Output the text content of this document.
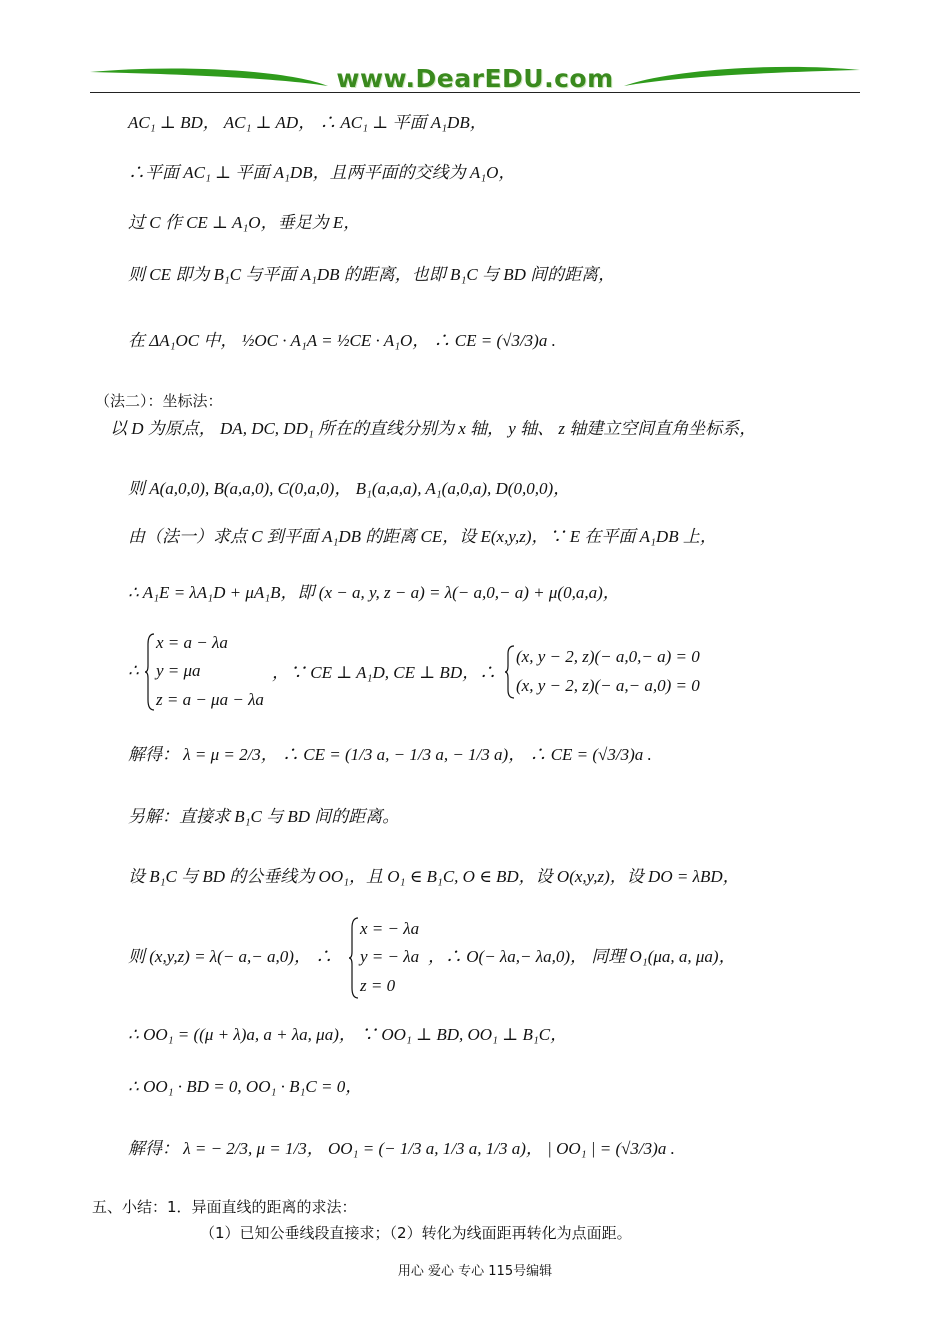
www.DearEDU.com
AC₁ ⊥ BD， AC₁ ⊥ AD， ∴ AC₁ ⊥ 平面 A₁DB，
∴平面 AC₁ ⊥ 平面 A₁DB，且两平面的交线为 A₁O，
过 C 作 CE ⊥ A₁O，垂足为 E，
则 CE 即为 B₁C 与平面 A₁DB 的距离，也即 B₁C 与 BD 间的距离，
在 ΔA₁OC 中， ½OC · A₁A = ½CE · A₁O， ∴ CE = (√3/3)a .
（法二）：坐标法：
以 D 为原点， DA, DC, DD₁ 所在的直线分别为 x 轴， y 轴、 z 轴建立空间直角坐标系，
则 A(a,0,0), B(a,a,0), C(0,a,0)， B₁(a,a,a), A₁(a,0,a), D(0,0,0)，
由（法一）求点 C 到平面 A₁DB 的距离 CE，设 E(x,y,z)，∵ E 在平面 A₁DB 上，
∴ A₁E = λA₁D + μA₁B，即 (x − a, y, z − a) = λ(− a,0,− a) + μ(0,a,a)，
∴
x = a − λa
y = μa
z = a − μa − λa
，∵ CE ⊥ A₁D, CE ⊥ BD，∴
(x, y − 2, z)(− a,0,− a) = 0
(x, y − 2, z)(− a,− a,0) = 0
解得： λ = μ = 2/3， ∴ CE = (1/3 a, − 1/3 a, − 1/3 a)， ∴ CE = (√3/3)a .
另解：直接求 B₁C 与 BD 间的距离。
设 B₁C 与 BD 的公垂线为 OO₁，且 O₁ ∈ B₁C, O ∈ BD，设 O(x,y,z)，设 DO = λBD，
则 (x,y,z) = λ(− a,− a,0)， ∴
x = − λa
y = − λa
z = 0
，∴ O(− λa,− λa,0)， 同理 O₁(μa, a, μa)，
∴ OO₁ = ((μ + λ)a, a + λa, μa)， ∵ OO₁ ⊥ BD, OO₁ ⊥ B₁C，
∴ OO₁ · BD = 0, OO₁ · B₁C = 0，
解得： λ = − 2/3, μ = 1/3， OO₁ = (− 1/3 a, 1/3 a, 1/3 a)， | OO₁ | = (√3/3)a .
五、小结：1．异面直线的距离的求法：
（1）已知公垂线段直接求；（2）转化为线面距再转化为点面距。
用心 爱心 专心 115号编辑
